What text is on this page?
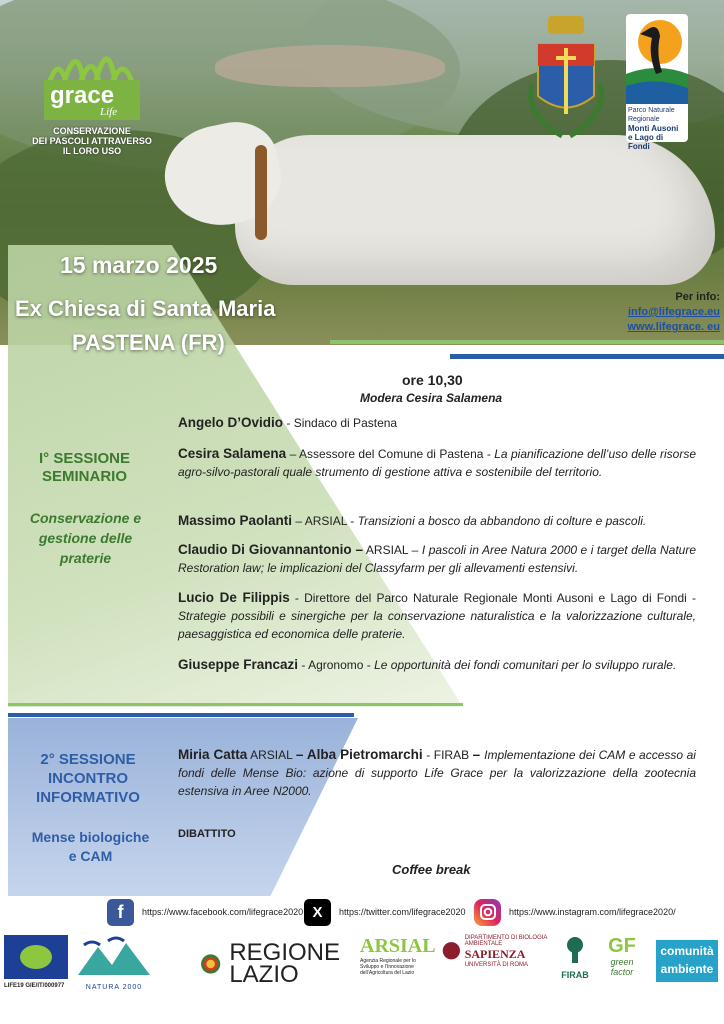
grace
Life
CONSERVAZIONE
DEI PASCOLI ATTRAVERSO
IL LORO USO
Parco Naturale Regionale
Monti Ausoni
e Lago di Fondi
15 marzo 2025
Ex Chiesa di Santa Maria
PASTENA (FR)
Per info:
info@lifegrace.eu
www.lifegrace. eu
ore 10,30
Modera Cesira Salamena
I° SESSIONE
SEMINARIO
Conservazione e
gestione delle
praterie
Angelo D’Ovidio - Sindaco di Pastena
Cesira Salamena – Assessore del Comune di Pastena - La pianificazione dell’uso delle risorse agro-silvo-pastorali quale strumento di gestione attiva e sostenibile del territorio.
Massimo Paolanti – ARSIAL - Transizioni a bosco da abbandono di colture e pascoli.
Claudio Di Giovannantonio – ARSIAL – I pascoli in Aree Natura 2000 e i target della Nature Restoration law; le implicazioni del Classyfarm per gli allevamenti estensivi.
Lucio De Filippis - Direttore del Parco Naturale Regionale Monti Ausoni e Lago di Fondi - Strategie possibili e sinergiche per la conservazione naturalistica e la valorizzazione culturale, paesaggistica ed economica delle praterie.
Giuseppe Francazi - Agronomo - Le opportunità dei fondi comunitari per lo sviluppo rurale.
2° SESSIONE
INCONTRO
INFORMATIVO
Mense biologiche
e CAM
Miria Catta ARSIAL – Alba Pietromarchi - FIRAB – Implementazione dei CAM e accesso ai fondi delle Mense Bio: azione di supporto Life Grace per la valorizzazione della zootecnia estensiva in Aree N2000.
DIBATTITO
Coffee break
f	https://www.facebook.com/lifegrace2020 X	https://twitter.com/lifegrace2020	https://www.instagram.com/lifegrace2020/
LIFE19 GIE/IT/000977	NATURA 2000
REGIONE
LAZIO
ARSIAL
Agenzia Regionale per lo Sviluppo e l’Innovazione dell’Agricoltura del Lazio
DIPARTIMENTO DI BIOLOGIA AMBIENTALE
SAPIENZA
UNIVERSITÀ DI ROMA
FIRAB
GF
green
factor
comunità
ambiente
